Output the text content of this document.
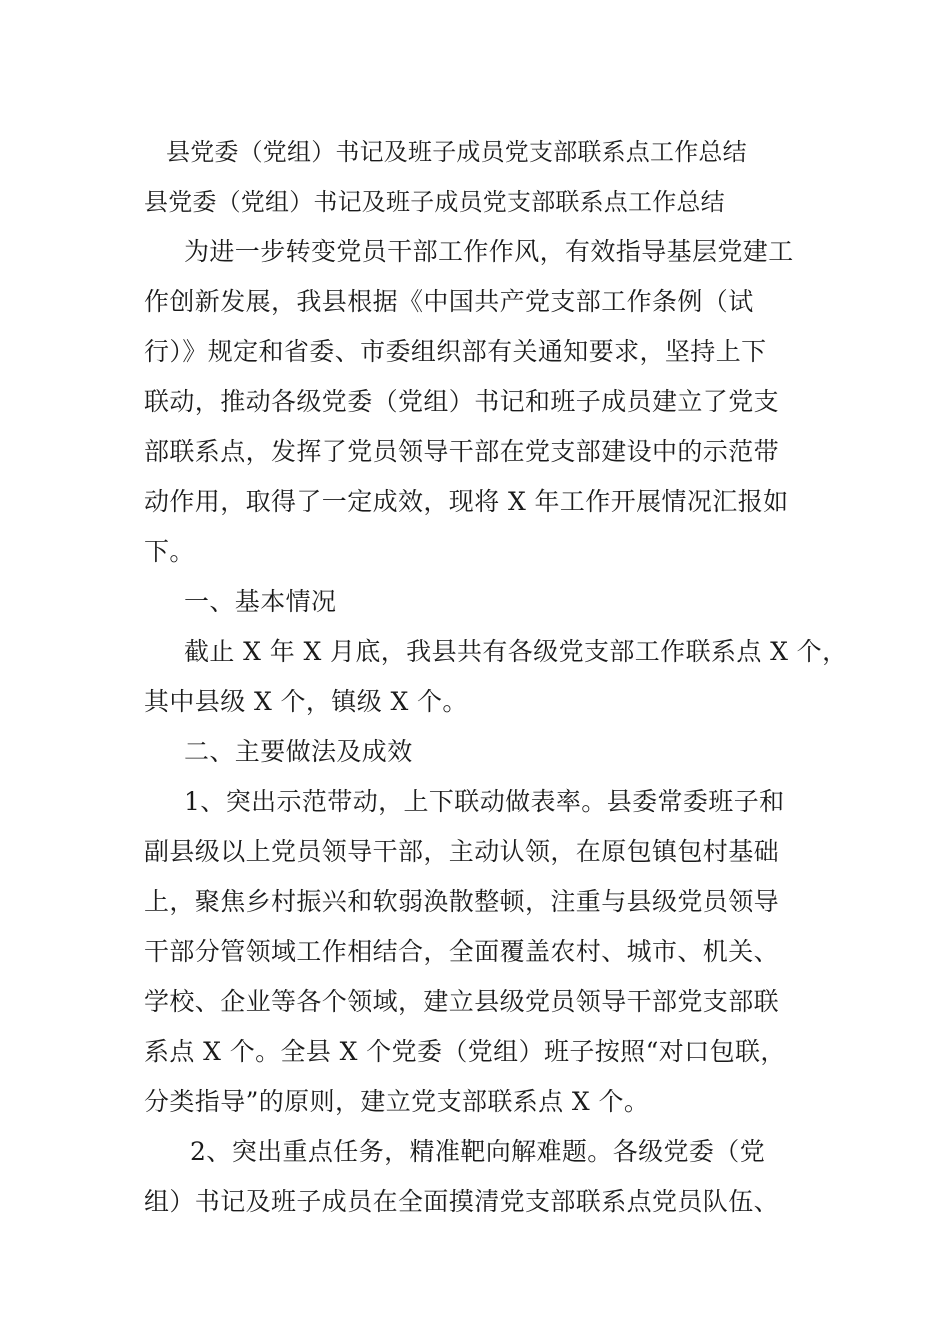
县党委（党组）书记及班子成员党支部联系点工作总结

县党委（党组）书记及班子成员党支部联系点工作总结

为进一步转变党员干部工作作风，有效指导基层党建工

作创新发展，我县根据《中国共产党支部工作条例（试

行）》规定和省委、市委组织部有关通知要求，坚持上下

联动，推动各级党委（党组）书记和班子成员建立了党支

部联系点，发挥了党员领导干部在党支部建设中的示范带

动作用，取得了一定成效，现将 X 年工作开展情况汇报如

下。

一、基本情况

截止 X 年 X 月底，我县共有各级党支部工作联系点 X 个，

其中县级 X 个，镇级 X 个。

二、主要做法及成效

1、突出示范带动，上下联动做表率。县委常委班子和

副县级以上党员领导干部，主动认领，在原包镇包村基础

上，聚焦乡村振兴和软弱涣散整顿，注重与县级党员领导

干部分管领域工作相结合，全面覆盖农村、城市、机关、

学校、企业等各个领域，建立县级党员领导干部党支部联

系点 X 个。全县 X 个党委（党组）班子按照“对口包联，

分类指导”的原则，建立党支部联系点 X 个。

2、突出重点任务，精准靶向解难题。各级党委（党

组）书记及班子成员在全面摸清党支部联系点党员队伍、
